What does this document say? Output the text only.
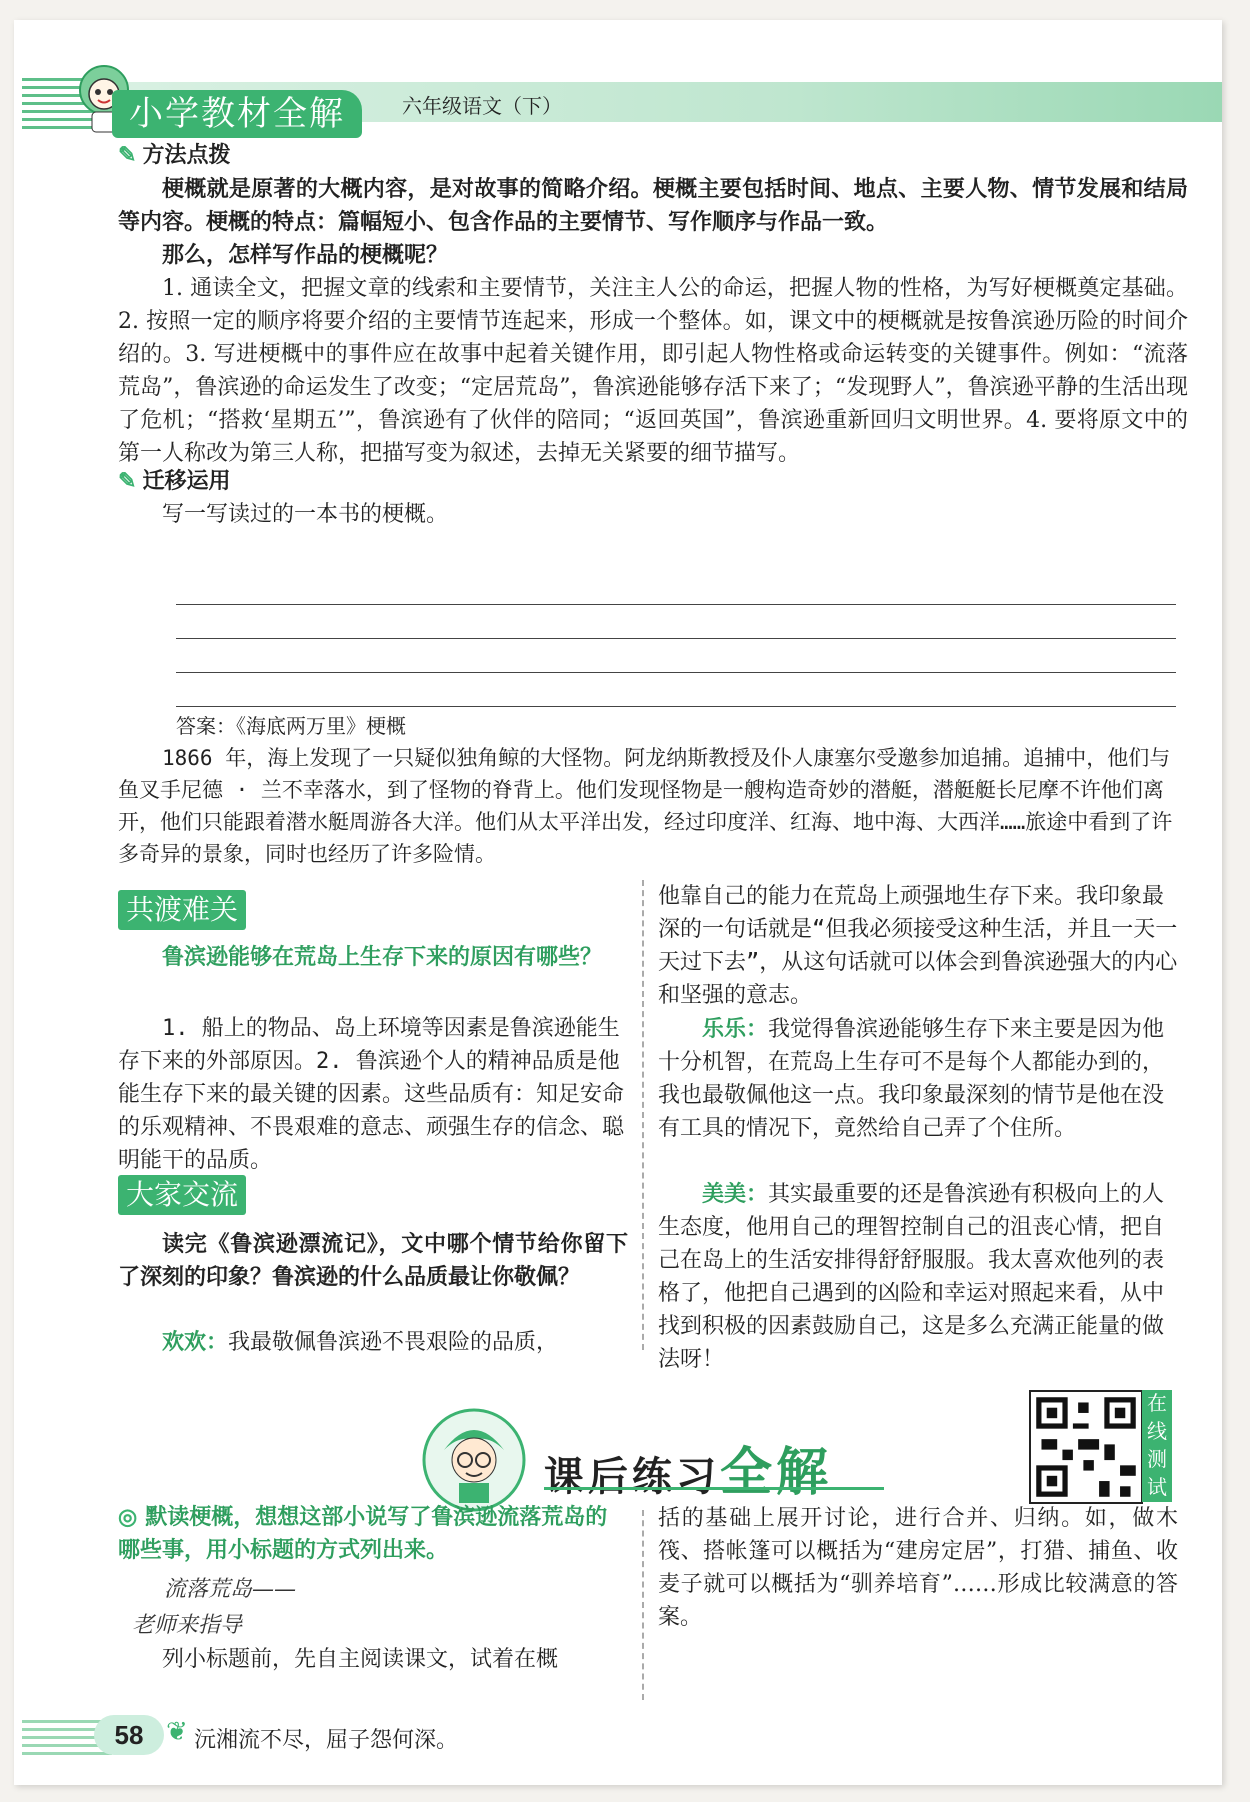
小学教材全解	六年级语文（下）
✎ 方法点拨
梗概就是原著的大概内容，是对故事的简略介绍。梗概主要包括时间、地点、主要人物、情节发展和结局等内容。梗概的特点：篇幅短小、包含作品的主要情节、写作顺序与作品一致。
那么，怎样写作品的梗概呢？
1. 通读全文，把握文章的线索和主要情节，关注主人公的命运，把握人物的性格，为写好梗概奠定基础。2. 按照一定的顺序将要介绍的主要情节连起来，形成一个整体。如，课文中的梗概就是按鲁滨逊历险的时间介绍的。3. 写进梗概中的事件应在故事中起着关键作用，即引起人物性格或命运转变的关键事件。例如：“流落荒岛”，鲁滨逊的命运发生了改变；“定居荒岛”，鲁滨逊能够存活下来了；“发现野人”，鲁滨逊平静的生活出现了危机；“搭救‘星期五’”，鲁滨逊有了伙伴的陪同；“返回英国”，鲁滨逊重新回归文明世界。4. 要将原文中的第一人称改为第三人称，把描写变为叙述，去掉无关紧要的细节描写。
✎ 迁移运用
写一写读过的一本书的梗概。
答案：《海底两万里》梗概
1866 年，海上发现了一只疑似独角鲸的大怪物。阿龙纳斯教授及仆人康塞尔受邀参加追捕。追捕中，他们与鱼叉手尼德 · 兰不幸落水，到了怪物的脊背上。他们发现怪物是一艘构造奇妙的潜艇，潜艇艇长尼摩不许他们离开，他们只能跟着潜水艇周游各大洋。他们从太平洋出发，经过印度洋、红海、地中海、大西洋……旅途中看到了许多奇异的景象，同时也经历了许多险情。
共渡难关
鲁滨逊能够在荒岛上生存下来的原因有哪些？
1. 船上的物品、岛上环境等因素是鲁滨逊能生存下来的外部原因。2. 鲁滨逊个人的精神品质是他能生存下来的最关键的因素。这些品质有：知足安命的乐观精神、不畏艰难的意志、顽强生存的信念、聪明能干的品质。
大家交流
读完《鲁滨逊漂流记》，文中哪个情节给你留下了深刻的印象？鲁滨逊的什么品质最让你敬佩？
欢欢：我最敬佩鲁滨逊不畏艰险的品质，
他靠自己的能力在荒岛上顽强地生存下来。我印象最深的一句话就是“但我必须接受这种生活，并且一天一天过下去”，从这句话就可以体会到鲁滨逊强大的内心和坚强的意志。
乐乐：我觉得鲁滨逊能够生存下来主要是因为他十分机智，在荒岛上生存可不是每个人都能办到的，我也最敬佩他这一点。我印象最深刻的情节是他在没有工具的情况下，竟然给自己弄了个住所。
美美：其实最重要的还是鲁滨逊有积极向上的人生态度，他用自己的理智控制自己的沮丧心情，把自己在岛上的生活安排得舒舒服服。我太喜欢他列的表格了，他把自己遇到的凶险和幸运对照起来看，从中找到积极的因素鼓励自己，这是多么充满正能量的做法呀！
课后练习全解
在线测试
◎ 默读梗概，想想这部小说写了鲁滨逊流落荒岛的哪些事，用小标题的方式列出来。
流落荒岛——
老师来指导
列小标题前，先自主阅读课文，试着在概
括的基础上展开讨论，进行合并、归纳。如，做木筏、搭帐篷可以概括为“建房定居”，打猎、捕鱼、收麦子就可以概括为“驯养培育”……形成比较满意的答案。
58 ❦ 沅湘流不尽，屈子怨何深。
